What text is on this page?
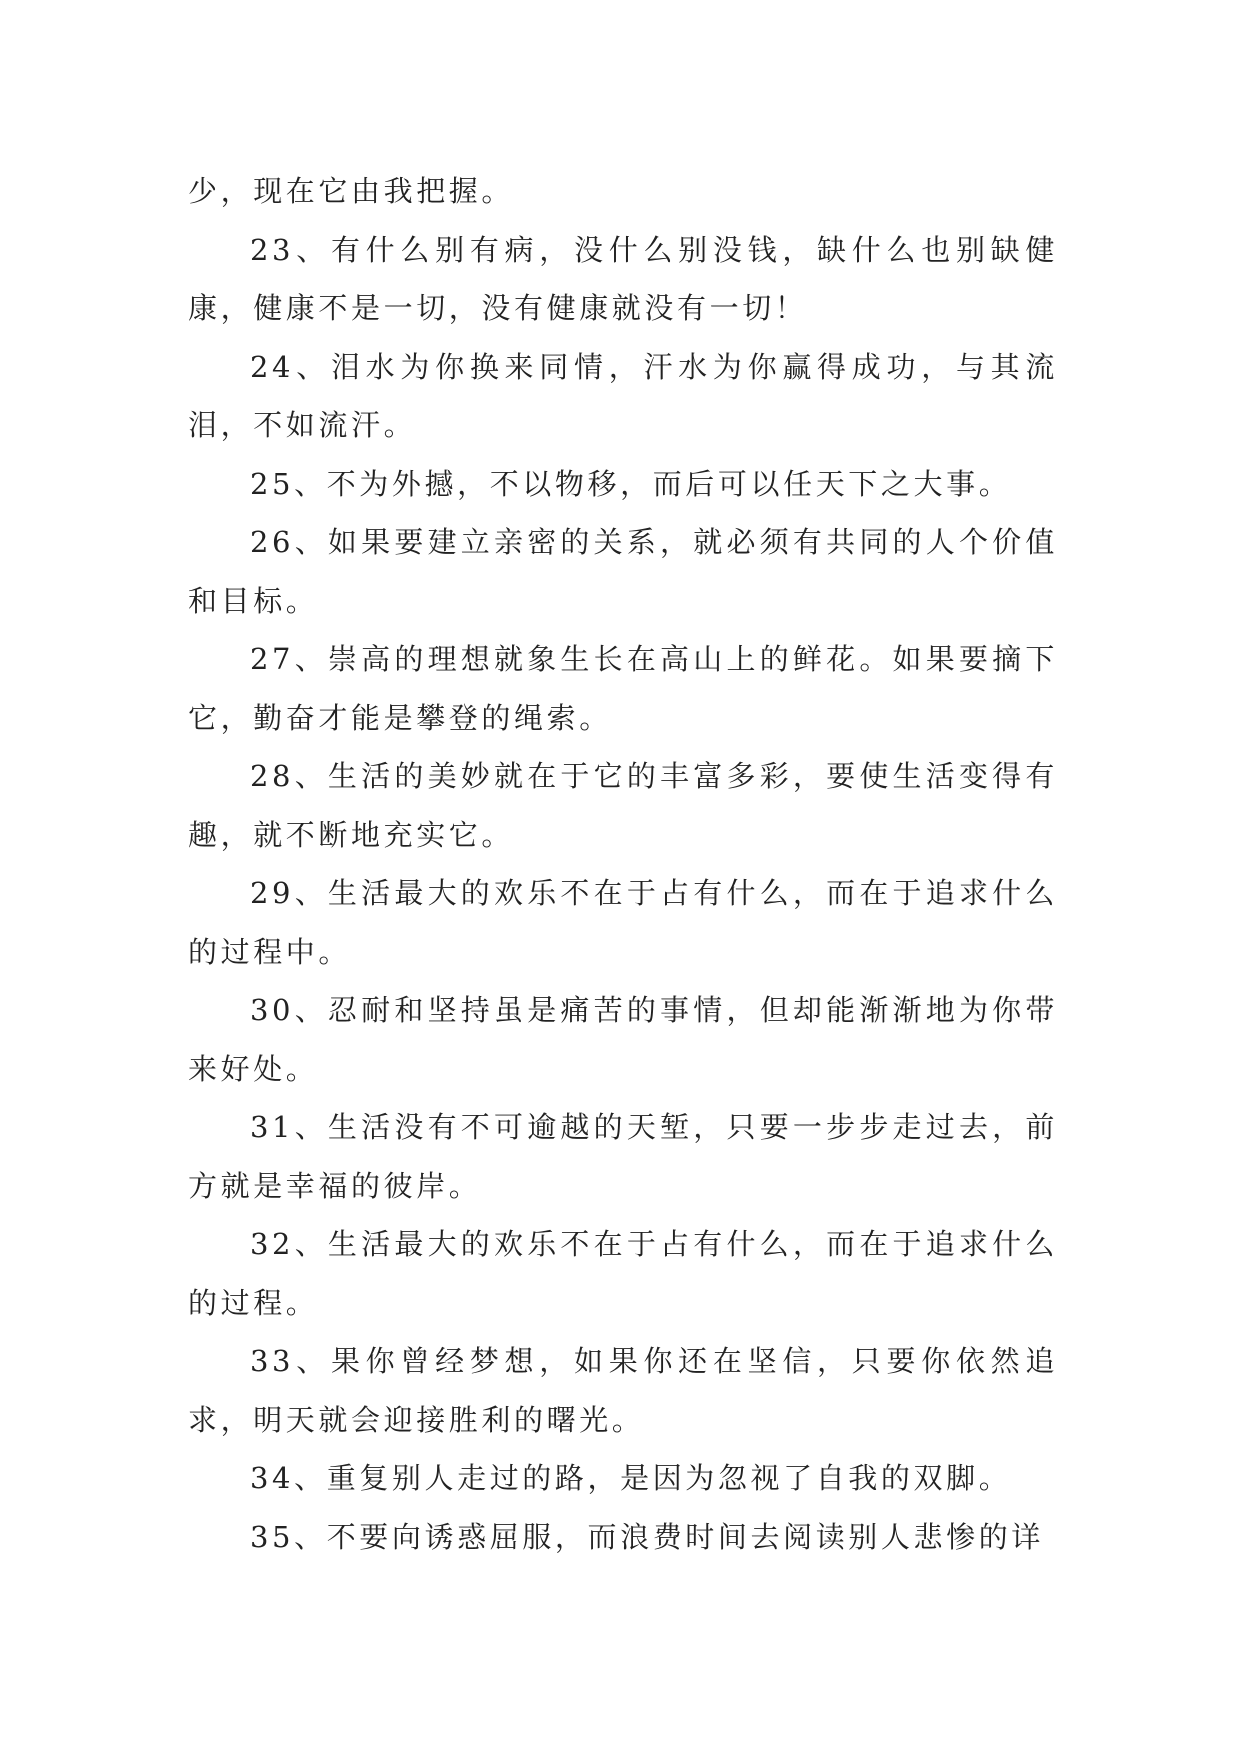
少，现在它由我把握。

23、有什么别有病，没什么别没钱，缺什么也别缺健康，健康不是一切，没有健康就没有一切！

24、泪水为你换来同情，汗水为你赢得成功，与其流泪，不如流汗。

25、不为外撼，不以物移，而后可以任天下之大事。

26、如果要建立亲密的关系，就必须有共同的人个价值和目标。

27、崇高的理想就象生长在高山上的鲜花。如果要摘下它，勤奋才能是攀登的绳索。

28、生活的美妙就在于它的丰富多彩，要使生活变得有趣，就不断地充实它。

29、生活最大的欢乐不在于占有什么，而在于追求什么的过程中。

30、忍耐和坚持虽是痛苦的事情，但却能渐渐地为你带来好处。

31、生活没有不可逾越的天堑，只要一步步走过去，前方就是幸福的彼岸。

32、生活最大的欢乐不在于占有什么，而在于追求什么的过程。

33、果你曾经梦想，如果你还在坚信，只要你依然追求，明天就会迎接胜利的曙光。

34、重复别人走过的路，是因为忽视了自我的双脚。

35、不要向诱惑屈服，而浪费时间去阅读别人悲惨的详
